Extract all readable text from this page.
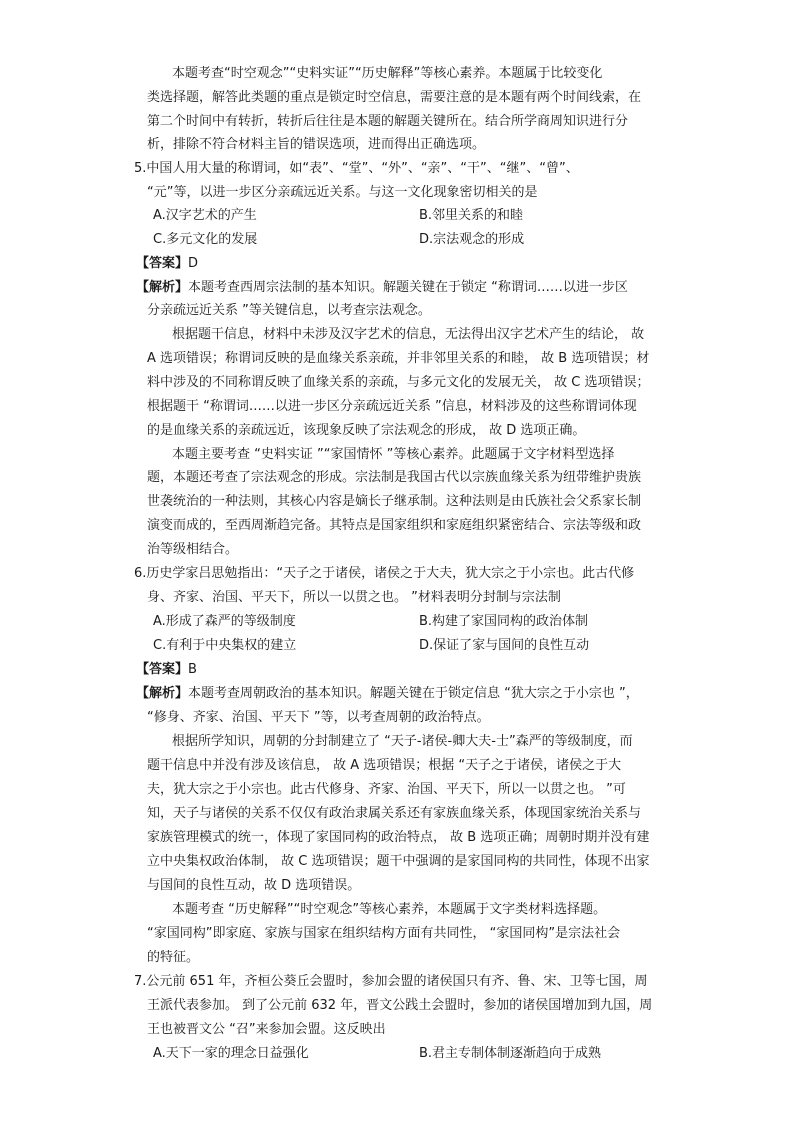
本题考查“时空观念”“史料实证”“历史解释”等核心素养。本题属于比较变化
类选择题，解答此类题的重点是锁定时空信息，需要注意的是本题有两个时间线索，在
第二个时间中有转折，转折后往往是本题的解题关键所在。结合所学商周知识进行分
析，排除不符合材料主旨的错误选项，进而得出正确选项。
5.中国人用大量的称谓词，如“表”、“堂”、“外”、“亲”、“干”、“继”、“曾”、
“元”等，以进一步区分亲疏远近关系。与这一文化现象密切相关的是
A.汉字艺术的产生	B.邻里关系的和睦
C.多元文化的发展	D.宗法观念的形成
【答案】D
【解析】本题考查西周宗法制的基本知识。解题关键在于锁定 “称谓词……以进一步区
分亲疏远近关系 ”等关键信息，以考查宗法观念。
根据题干信息，材料中未涉及汉字艺术的信息，无法得出汉字艺术产生的结论， 故
A 选项错误；称谓词反映的是血缘关系亲疏，并非邻里关系的和睦， 故 B 选项错误；材
料中涉及的不同称谓反映了血缘关系的亲疏，与多元文化的发展无关， 故 C 选项错误；
根据题干 “称谓词……以进一步区分亲疏远近关系 ”信息，材料涉及的这些称谓词体现
的是血缘关系的亲疏远近，该现象反映了宗法观念的形成， 故 D 选项正确。
本题主要考查 “史料实证 ”“家国情怀 ”等核心素养。此题属于文字材料型选择
题，本题还考查了宗法观念的形成。宗法制是我国古代以宗族血缘关系为纽带维护贵族
世袭统治的一种法则，其核心内容是嫡长子继承制。这种法则是由氏族社会父系家长制
演变而成的，至西周渐趋完备。其特点是国家组织和家庭组织紧密结合、宗法等级和政
治等级相结合。
6.历史学家吕思勉指出：“天子之于诸侯，诸侯之于大夫，犹大宗之于小宗也。此古代修
身、齐家、治国、平天下，所以一以贯之也。 ”材料表明分封制与宗法制
A.形成了森严的等级制度	B.构建了家国同构的政治体制
C.有利于中央集权的建立	D.保证了家与国间的良性互动
【答案】B
【解析】本题考查周朝政治的基本知识。解题关键在于锁定信息 “犹大宗之于小宗也 ”，
“修身、齐家、治国、平天下 ”等，以考查周朝的政治特点。
根据所学知识，周朝的分封制建立了 “天子-诸侯-卿大夫-士”森严的等级制度，而
题干信息中并没有涉及该信息， 故 A 选项错误；根据 “天子之于诸侯，诸侯之于大
夫，犹大宗之于小宗也。此古代修身、齐家、治国、平天下，所以一以贯之也。 ”可
知，天子与诸侯的关系不仅仅有政治隶属关系还有家族血缘关系，体现国家统治关系与
家族管理模式的统一，体现了家国同构的政治特点， 故 B 选项正确；周朝时期并没有建
立中央集权政治体制， 故 C 选项错误；题干中强调的是家国同构的共同性，体现不出家
与国间的良性互动，故 D 选项错误。
本题考查 “历史解释”“时空观念”等核心素养，本题属于文字类材料选择题。
“家国同构”即家庭、家族与国家在组织结构方面有共同性， “家国同构”是宗法社会
的特征。
7.公元前 651 年，齐桓公葵丘会盟时，参加会盟的诸侯国只有齐、鲁、宋、卫等七国，周
王派代表参加。 到了公元前 632 年，晋文公践土会盟时，参加的诸侯国增加到九国，周
王也被晋文公 “召”来参加会盟。这反映出
A.天下一家的理念日益强化	B.君主专制体制逐渐趋向于成熟
